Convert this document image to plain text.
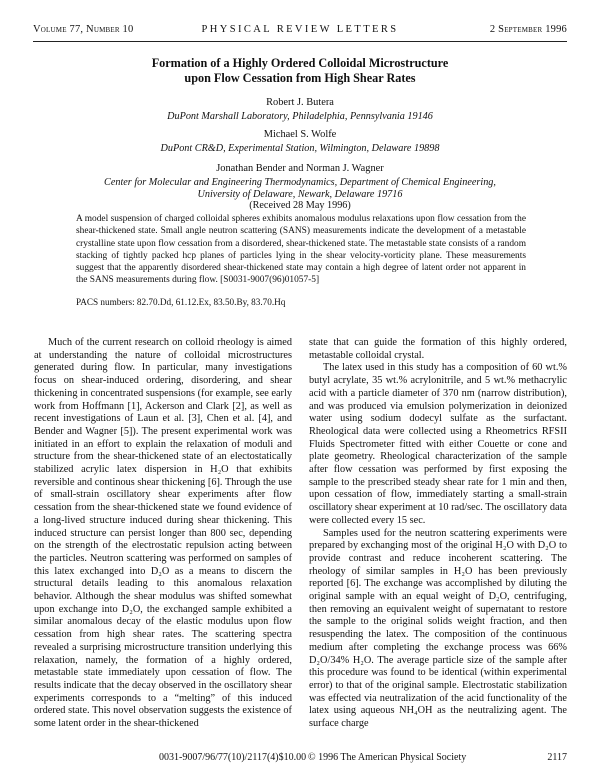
Volume 77, Number 10	PHYSICAL REVIEW LETTERS	2 September 1996
Formation of a Highly Ordered Colloidal Microstructure
upon Flow Cessation from High Shear Rates
Robert J. Butera
DuPont Marshall Laboratory, Philadelphia, Pennsylvania 19146
Michael S. Wolfe
DuPont CR&D, Experimental Station, Wilmington, Delaware 19898
Jonathan Bender and Norman J. Wagner
Center for Molecular and Engineering Thermodynamics, Department of Chemical Engineering,
University of Delaware, Newark, Delaware 19716
(Received 28 May 1996)
A model suspension of charged colloidal spheres exhibits anomalous modulus relaxations upon flow cessation from the shear-thickened state. Small angle neutron scattering (SANS) measurements indicate the development of a metastable crystalline state upon flow cessation from a disordered, shear-thickened state. The metastable state consists of a random stacking of tightly packed hcp planes of particles lying in the shear velocity-vorticity plane. These measurements suggest that the apparently disordered shear-thickened state may contain a high degree of latent order not apparent in the SANS measurements during flow. [S0031-9007(96)01057-5]
PACS numbers: 82.70.Dd, 61.12.Ex, 83.50.By, 83.70.Hq

Much of the current research on colloid rheology is aimed at understanding the nature of colloidal microstructures generated during flow. In particular, many investigations focus on shear-induced ordering, disordering, and shear thickening in concentrated suspensions (for example, see early work from Hoffmann [1], Ackerson and Clark [2], as well as recent investigations of Laun et al. [3], Chen et al. [4], and Bender and Wagner [5]). The present experimental work was initiated in an effort to explain the relaxation of moduli and structure from the shear-thickened state of an electostatically stabilized acrylic latex dispersion in H₂O that exhibits reversible and continous shear thickening [6]. Through the use of small-strain oscillatory shear experiments after flow cessation from the shear-thickened state we found evidence of a long-lived structure induced during shear thickening. This induced structure can persist longer than 800 sec, depending on the strength of the electrostatic repulsion acting between the particles. Neutron scattering was performed on samples of this latex exchanged into D₂O as a means to discern the structural details leading to this anomalous relaxation behavior. Although the shear modulus was shifted somewhat upon exchange into D₂O, the exchanged sample exhibited a similar anomalous decay of the elastic modulus upon flow cessation from high shear rates. The scattering spectra revealed a surprising microstructure transition underlying this relaxation, namely, the formation of a highly ordered, metastable state immediately upon cessation of flow. The results indicate that the decay observed in the oscillatory shear experiments corresponds to a “melting” of this induced ordered state. This novel observation suggests the existence of some latent order in the shear-thickened

state that can guide the formation of this highly ordered, metastable colloidal crystal.

The latex used in this study has a composition of 60 wt.% butyl acrylate, 35 wt.% acrylonitrile, and 5 wt.% methacrylic acid with a particle diameter of 370 nm (narrow distribution), and was produced via emulsion polymerization in deionized water using sodium dodecyl sulfate as the surfactant. Rheological data were collected using a Rheometrics RFSII Fluids Spectrometer fitted with either Couette or cone and plate geometry. Rheological characterization of the sample after flow cessation was performed by first exposing the sample to the prescribed steady shear rate for 1 min and then, upon cessation of flow, immediately starting a small-strain oscillatory shear experiment at 10 rad/sec. The oscillatory data were collected every 15 sec.

Samples used for the neutron scattering experiments were prepared by exchanging most of the original H₂O with D₂O to provide contrast and reduce incoherent scattering. The rheology of similar samples in H₂O has been previously reported [6]. The exchange was accomplished by diluting the original sample with an equal weight of D₂O, centrifuging, then removing an equivalent weight of supernatant to restore the sample to the original solids weight fraction, and then resuspending the latex. The composition of the continuous medium after completing the exchange process was 66% D₂O/34% H₂O. The average particle size of the sample after this procedure was found to be identical (within experimental error) to that of the original sample. Electrostatic stabilization was effected via neutralization of the acid functionality of the latex using aqueous NH₄OH as the neutralizing agent. The surface charge

0031-9007/96/77(10)/2117(4)$10.00 © 1996 The American Physical Society	2117
